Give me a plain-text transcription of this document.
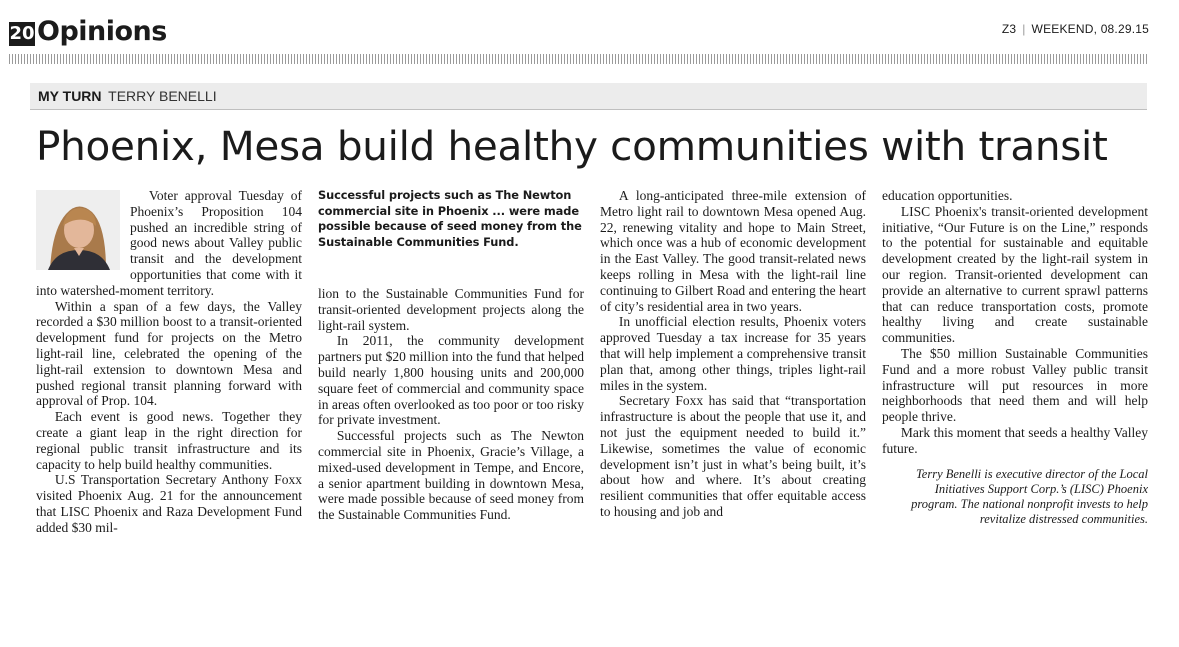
20 Opinions	Z3 | WEEKEND, 08.29.15
MY TURN TERRY BENELLI
Phoenix, Mesa build healthy communities with transit

Voter approval Tuesday of Phoenix’s Proposition 104 pushed an incredible string of good news about Valley public transit and the development opportunities that come with it into watershed-moment territory.

Within a span of a few days, the Valley recorded a $30 million boost to a transit-oriented development fund for projects on the Metro light-rail line, celebrated the opening of the light-rail extension to downtown Mesa and pushed regional transit planning forward with approval of Prop. 104.

Each event is good news. Together they create a giant leap in the right direction for regional public transit infrastructure and its capacity to help build healthy communities.

U.S Transportation Secretary Anthony Foxx visited Phoenix Aug. 21 for the announcement that LISC Phoenix and Raza Development Fund added $30 mil-

Successful projects such as The Newton commercial site in Phoenix ... were made possible because of seed money from the Sustainable Communities Fund.

lion to the Sustainable Communities Fund for transit-oriented development projects along the light-rail system.

In 2011, the community development partners put $20 million into the fund that helped build nearly 1,800 housing units and 200,000 square feet of commercial and community space in areas often overlooked as too poor or too risky for private investment.

Successful projects such as The Newton commercial site in Phoenix, Gracie’s Village, a mixed-used development in Tempe, and Encore, a senior apartment building in downtown Mesa, were made possible because of seed money from the Sustainable Communities Fund.

A long-anticipated three-mile extension of Metro light rail to downtown Mesa opened Aug. 22, renewing vitality and hope to Main Street, which once was a hub of economic development in the East Valley. The good transit-related news keeps rolling in Mesa with the light-rail line continuing to Gilbert Road and entering the heart of city’s residential area in two years.

In unofficial election results, Phoenix voters approved Tuesday a tax increase for 35 years that will help implement a comprehensive transit plan that, among other things, triples light-rail miles in the system.

Secretary Foxx has said that “transportation infrastructure is about the people that use it, and not just the equipment needed to build it.” Likewise, sometimes the value of economic development isn’t just in what’s being built, it’s about how and where. It’s about creating resilient communities that offer equitable access to housing and job and

education opportunities.

LISC Phoenix's transit-oriented development initiative, “Our Future is on the Line,” responds to the potential for sustainable and equitable development created by the light-rail system in our region. Transit-oriented development can provide an alternative to current sprawl patterns that can reduce transportation costs, promote healthy living and create sustainable communities.

The $50 million Sustainable Communities Fund and a more robust Valley public transit infrastructure will put resources in more neighborhoods that need them and will help people thrive.

Mark this moment that seeds a healthy Valley future.

Terry Benelli is executive director of the Local Initiatives Support Corp.’s (LISC) Phoenix program. The national nonprofit invests to help revitalize distressed communities.
